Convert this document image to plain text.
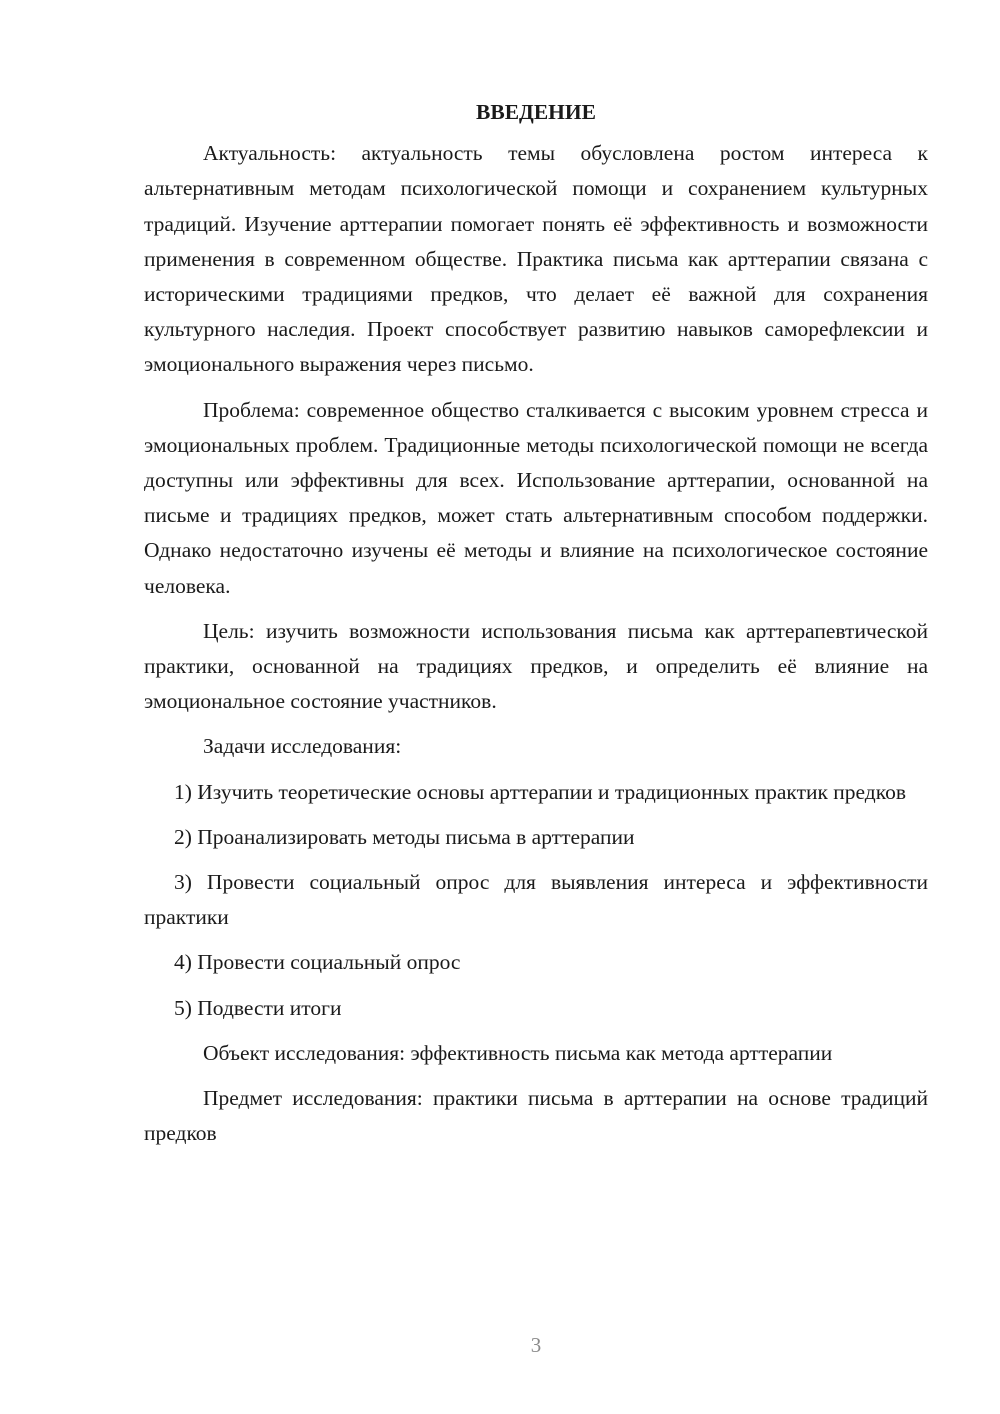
ВВЕДЕНИЕ

Актуальность: актуальность темы обусловлена ростом интереса к альтернативным методам психологической помощи и сохранением культурных традиций. Изучение арттерапии помогает понять её эффективность и возможности применения в современном обществе. Практика письма как арттерапии связана с историческими традициями предков, что делает её важной для сохранения культурного наследия. Проект способствует развитию навыков саморефлексии и эмоционального выражения через письмо.

Проблема: современное общество сталкивается с высоким уровнем стресса и эмоциональных проблем. Традиционные методы психологической помощи не всегда доступны или эффективны для всех. Использование арттерапии, основанной на письме и традициях предков, может стать альтернативным способом поддержки. Однако недостаточно изучены её методы и влияние на психологическое состояние человека.

Цель: изучить возможности использования письма как арттерапевтической практики, основанной на традициях предков, и определить её влияние на эмоциональное состояние участников.

Задачи исследования:

1) Изучить теоретические основы арттерапии и традиционных практик предков

2) Проанализировать методы письма в арттерапии

3) Провести социальный опрос для выявления интереса и эффективности практики

4) Провести социальный опрос

5) Подвести итоги

Объект исследования: эффективность письма как метода арттерапии

Предмет исследования: практики письма в арттерапии на основе традиций предков

3
